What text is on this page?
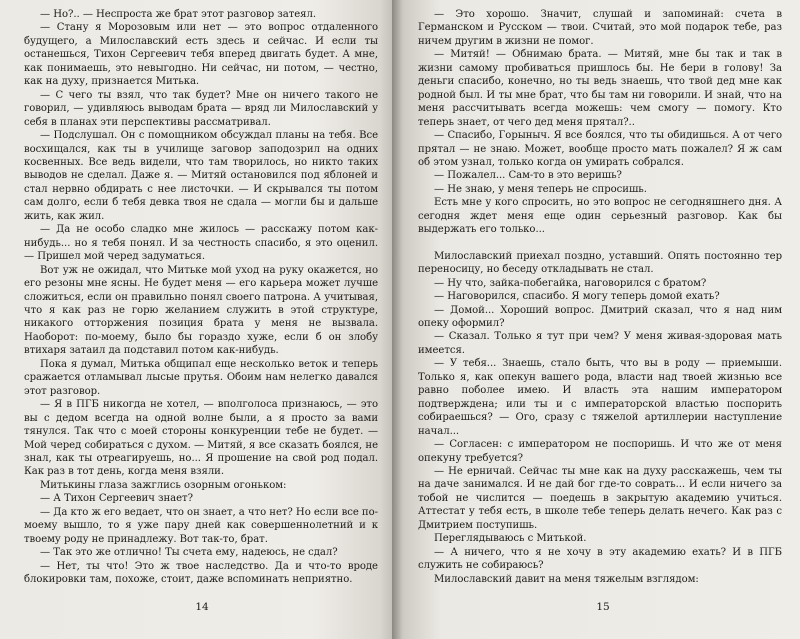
— Но?.. — Неспроста же брат этот разговор затеял.

— Стану я Морозовым или нет — это вопрос отдаленного будущего, а Милославский есть здесь и сейчас. И если ты останешься, Тихон Сергеевич тебя вперед двигать будет. А мне, как понимаешь, это невыгодно. Ни сейчас, ни потом, — честно, как на духу, признается Митька.

— С чего ты взял, что так будет? Мне он ничего такого не говорил, — удивляюсь выводам брата — вряд ли Милославский у себя в планах эти перспективы рассматривал.

— Подслушал. Он с помощником обсуждал планы на тебя. Все восхищался, как ты в училище заговор заподозрил на одних косвенных. Все ведь видели, что там творилось, но никто таких выводов не сделал. Даже я. — Митяй остановился под яблоней и стал нервно обдирать с нее листочки. — И скрывался ты потом сам долго, если б тебя девка твоя не сдала — могли бы и дальше жить, как жил.

— Да не особо сладко мне жилось — расскажу потом как-нибудь... но я тебя понял. И за честность спасибо, я это оценил. — Пришел мой черед задуматься.

Вот уж не ожидал, что Митьке мой уход на руку окажется, но его резоны мне ясны. Не будет меня — его карьера может лучше сложиться, если он правильно понял своего патрона. А учитывая, что я как раз не горю желанием служить в этой структуре, никакого отторжения позиция брата у меня не вызвала. Наоборот: по-моему, было бы гораздо хуже, если б он злобу втихаря затаил да подставил потом как-нибудь.

Пока я думал, Митька общипал еще несколько веток и теперь сражается отламывал лысые прутья. Обоим нам нелегко давался этот разговор.

— Я в ПГБ никогда не хотел, — вполголоса признаюсь, — это вы с дедом всегда на одной волне были, а я просто за вами тянулся. Так что с моей стороны конкуренции тебе не будет. — Мой черед собираться с духом. — Митяй, я все сказать боялся, не знал, как ты отреагируешь, но... Я прошение на свой род подал. Как раз в тот день, когда меня взяли.

Митькины глаза зажглись озорным огоньком:

— А Тихон Сергеевич знает?

— Да кто ж его ведает, что он знает, а что нет? Но если все по-моему вышло, то я уже пару дней как совершеннолетний и к твоему роду не принадлежу. Вот так-то, брат.

— Так это же отлично! Ты счета ему, надеюсь, не сдал?

— Нет, ты что! Это ж твое наследство. Да и что-то вроде блокировки там, похоже, стоит, даже вспоминать неприятно.

14

— Это хорошо. Значит, слушай и запоминай: счета в Германском и Русском — твои. Считай, это мой подарок тебе, раз ничем другим в жизни не помог.

— Митяй! — Обнимаю брата. — Митяй, мне бы так и так в жизни самому пробиваться пришлось бы. Не бери в голову! За деньги спасибо, конечно, но ты ведь знаешь, что твой дед мне как родной был. И ты мне брат, что бы там ни говорили. И знай, что на меня рассчитывать всегда можешь: чем смогу — помогу. Кто теперь знает, от чего дед меня прятал?..

— Спасибо, Горыныч. Я все боялся, что ты обидишься. А от чего прятал — не знаю. Может, вообще просто мать пожалел? Я ж сам об этом узнал, только когда он умирать собрался.

— Пожалел... Сам-то в это веришь?

— Не знаю, у меня теперь не спросишь.

Есть мне у кого спросить, но это вопрос не сегодняшнего дня. А сегодня ждет меня еще один серьезный разговор. Как бы выдержать его только...

Милославский приехал поздно, уставший. Опять постоянно тер переносицу, но беседу откладывать не стал.

— Ну что, зайка-побегайка, наговорился с братом?

— Наговорился, спасибо. Я могу теперь домой ехать?

— Домой... Хороший вопрос. Дмитрий сказал, что я над ним опеку оформил?

— Сказал. Только я тут при чем? У меня живая-здоровая мать имеется.

— У тебя... Знаешь, стало быть, что вы в роду — приемыши. Только я, как опекун вашего рода, власти над твоей жизнью все равно поболее имею. И власть эта нашим императором подтверждена; или ты и с императорской властью поспорить собираешься? — Ого, сразу с тяжелой артиллерии наступление начал...

— Согласен: с императором не поспоришь. И что же от меня опекуну требуется?

— Не ерничай. Сейчас ты мне как на духу расскажешь, чем ты на даче занимался. И не дай бог где-то соврать... И если ничего за тобой не числится — поедешь в закрытую академию учиться. Аттестат у тебя есть, в школе тебе теперь делать нечего. Как раз с Дмитрием поступишь.

Переглядываюсь с Митькой.

— А ничего, что я не хочу в эту академию ехать? И в ПГБ служить не собираюсь?

Милославский давит на меня тяжелым взглядом:

15
